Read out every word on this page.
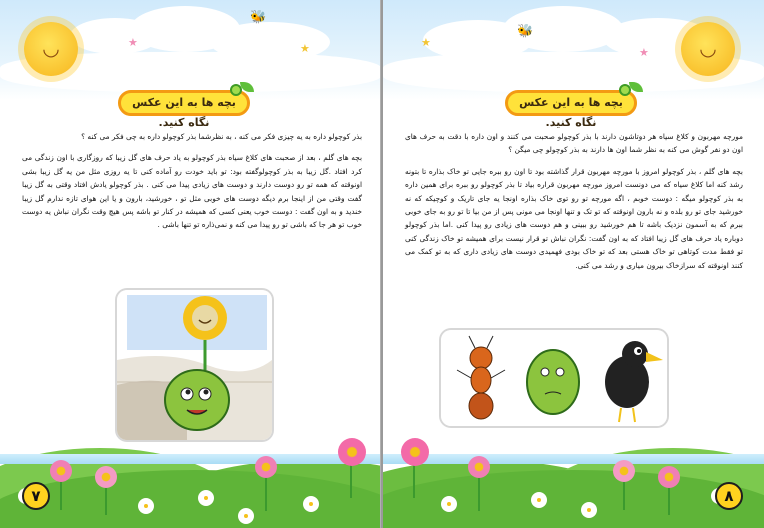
◡	★	★
🐝
بچه ها به این عکس نگاه کنید.

بذر کوچولو داره به یه چیزی فکر می کنه ، به نظرشما بذر کوچولو داره به چی فکر می کنه ؟

بچه های گلم ، بعد از صحبت های کلاغ سیاه بذر کوچولو به یاد حرف های گل زیبا که روزگاری با اون زندگی می کرد افتاد .گل زیبا به بذر کوچولوگفته بود: تو باید خودت رو آماده کنی تا یه روزی مثل من یه گل زیبا بشی اونوقته که همه تو رو دوست دارند و دوست های زیادی پیدا می کنی . بذر کوچولو یادش افتاد وقتی به گل زیبا گفت وقتی من از اینجا برم دیگه دوست های خوبی مثل تو ، خورشید، بارون و یا این هوای تازه ندارم گل زیبا خندید و به اون گفت : دوست خوب یعنی کسی که همیشه در کنار تو باشه پس هیچ وقت نگران نباش یه دوست خوب تو هر جا که باشی تو رو پیدا می کنه و نمی‌ذاره تو تنها باشی .

۷
◡
★
★
🐝
بچه ها به این عکس نگاه کنید.

مورچه مهربون و کلاغ سیاه هر دوتاشون دارند با بذر کوچولو صحبت می کنند و اون داره با دقت به حرف های اون دو نفر گوش می کنه به نظر شما اون ها دارند به بذر کوچولو چی میگن ؟

بچه های گلم ، بذر کوچولو امروز با مورچه مهربون قرار گذاشته بود تا اون رو ببره جایی تو خاک بذاره تا بتونه رشد کنه اما کلاغ سیاه که می دونست امروز مورچه مهربون قراره بیاد تا بذر کوچولو رو ببره برای همین داره به بذر کوچولو میگه : دوست خوبم ، اگه مورچه تو رو توی خاک بذاره اونجا یه جای تاریک و کوچیکه که نه خورشید جای تو رو بلده و نه بارون اونوقته که تو تک و تنها اونجا می مونی پس از من بیا تا تو رو به جای خوبی ببرم که به آسمون نزدیک باشه تا هم خورشید رو ببینی و هم دوست های زیادی رو پیدا کنی .اما بذر کوچولو دوباره یاد حرف های گل زیبا افتاد که به اون گفت: نگران نباش تو قرار نیست برای همیشه تو خاک زندگی کنی تو فقط مدت کوتاهی تو خاک هستی بعد که تو خاک بودی فهمیدی دوست های زیادی داری که به تو کمک می کنند اونوقته که سرازخاک بیرون میاری و رشد می کنی.

۸
